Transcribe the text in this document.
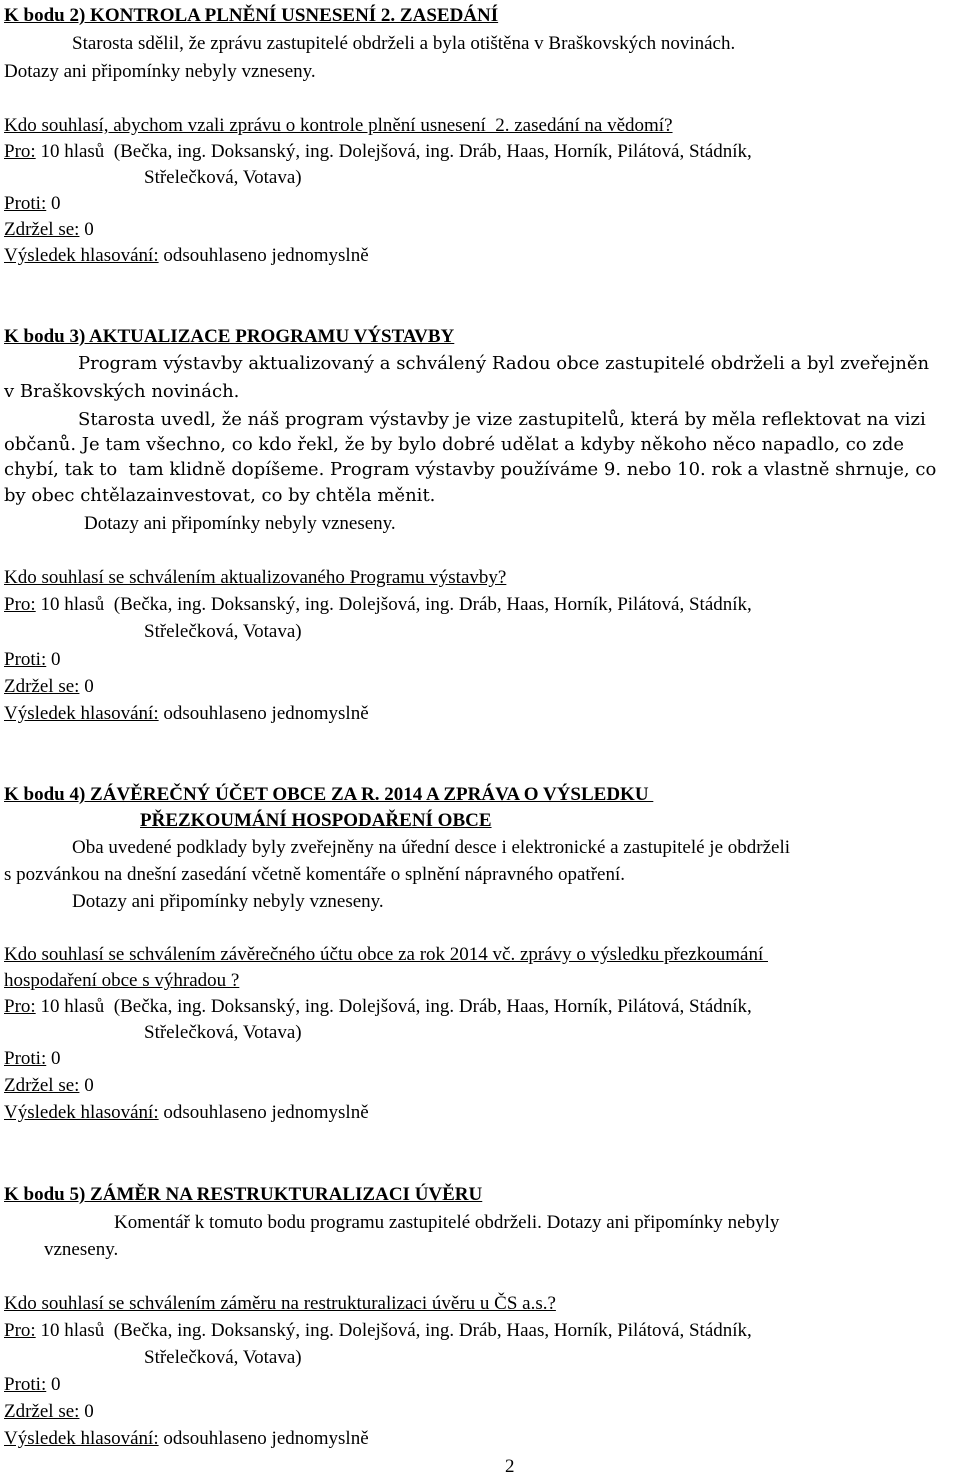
K bodu 2) KONTROLA PLNĚNÍ USNESENÍ 2. ZASEDÁNÍ
Starosta sdělil, že zprávu zastupitelé obdrželi a byla otištěna v Braškovských novinách.
Dotazy ani připomínky nebyly vzneseny.
Kdo souhlasí, abychom vzali zprávu o kontrole plnění usnesení  2. zasedání na vědomí?
Pro: 10 hlasů  (Bečka, ing. Doksanský, ing. Dolejšová, ing. Dráb, Haas, Horník, Pilátová, Stádník,
Střelečková, Votava)
Proti: 0
Zdržel se: 0
Výsledek hlasování: odsouhlaseno jednomyslně
K bodu 3) AKTUALIZACE PROGRAMU VÝSTAVBY
Program výstavby aktualizovaný a schválený Radou obce zastupitelé obdrželi a byl zveřejněn
v Braškovských novinách.
Starosta uvedl, že náš program výstavby je vize zastupitelů, která by měla reflektovat na vizi
občanů. Je tam všechno, co kdo řekl, že by bylo dobré udělat a kdyby někoho něco napadlo, co zde
chybí, tak to  tam klidně dopíšeme. Program výstavby používáme 9. nebo 10. rok a vlastně shrnuje, co
by obec chtělazainvestovat, co by chtěla měnit.
Dotazy ani připomínky nebyly vzneseny.
Kdo souhlasí se schválením aktualizovaného Programu výstavby?
Pro: 10 hlasů  (Bečka, ing. Doksanský, ing. Dolejšová, ing. Dráb, Haas, Horník, Pilátová, Stádník,
Střelečková, Votava)
Proti: 0
Zdržel se: 0
Výsledek hlasování: odsouhlaseno jednomyslně
K bodu 4) ZÁVĚREČNÝ ÚČET OBCE ZA R. 2014 A ZPRÁVA O VÝSLEDKU
PŘEZKOUMÁNÍ HOSPODAŘENÍ OBCE
Oba uvedené podklady byly zveřejněny na úřední desce i elektronické a zastupitelé je obdrželi
s pozvánkou na dnešní zasedání včetně komentáře o splnění nápravného opatření.
Dotazy ani připomínky nebyly vzneseny.
Kdo souhlasí se schválením závěrečného účtu obce za rok 2014 vč. zprávy o výsledku přezkoumání
hospodaření obce s výhradou ?
Pro: 10 hlasů  (Bečka, ing. Doksanský, ing. Dolejšová, ing. Dráb, Haas, Horník, Pilátová, Stádník,
Střelečková, Votava)
Proti: 0
Zdržel se: 0
Výsledek hlasování: odsouhlaseno jednomyslně
K bodu 5) ZÁMĚR NA RESTRUKTURALIZACI ÚVĚRU
Komentář k tomuto bodu programu zastupitelé obdrželi. Dotazy ani připomínky nebyly
vzneseny.
Kdo souhlasí se schválením záměru na restrukturalizaci úvěru u ČS a.s.?
Pro: 10 hlasů  (Bečka, ing. Doksanský, ing. Dolejšová, ing. Dráb, Haas, Horník, Pilátová, Stádník,
Střelečková, Votava)
Proti: 0
Zdržel se: 0
Výsledek hlasování: odsouhlaseno jednomyslně
2
